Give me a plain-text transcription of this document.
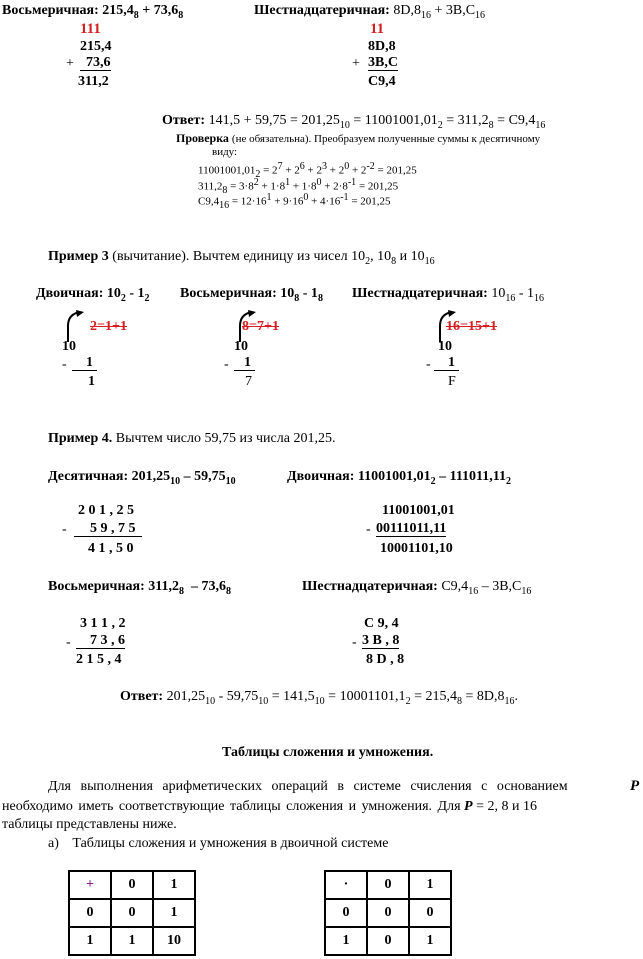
Восьмеричная: $215,4_8 + 73,6_8$	Шестнадцатеричная: $8D,8_{16} + 3B,C_{16}$
111
215,4
+ 73,6
311,2
11
8D,8
+ 3B,C
C9,4
Ответ: $141,5 + 59,75 = 201,25_{10} = 11001001,01_2 = 311,2_8 = C9,4_{16}$
Проверка (не обязательна). Преобразуем полученные суммы к десятичному
виду:
$11001001,01_2 = 2^7 + 2^6 + 2^3 + 2^0 + 2^{-2} = 201,25$
$311,2_8 = 3\cdot 8^2 + 1\cdot 8^1 + 1\cdot 8^0 + 2\cdot 8^{-1} = 201,25$
$C9,4_{16} = 12\cdot 16^1 + 9\cdot 16^0 + 4\cdot 16^{-1} = 201,25$
Пример 3 (вычитание). Вычтем единицу из чисел $10_2$, $10_8$ и $10_{16}$
Двоичная: $10_2 - 1_2$ Восьмеричная: $10_8 - 1_8$ Шестнадцатеричная: $10_{16} - 1_{16}$
2=1+1
10
-	1
1
8=7+1
10
-	1
7
16=15+1
10
-	1
F
Пример 4. Вычтем число 59,75 из числа 201,25.
Десятичная: $201,25_{10} - 59,75_{10}$	Двоичная: $11001001,01_2 - 111011,11_2$
2 0 1 , 2 5
-	5 9 , 7 5
4 1 , 5 0
11001001,01
- 00111011,11
10001101,10
Восьмеричная: $311,2_8 - 73,6_8$	Шестнадцатеричная: $C9,4_{16} - 3B,C_{16}$
3 1 1 , 2
-	7 3 , 6
2 1 5 , 4
C 9, 4
- 3 B , 8
8 D , 8
Ответ: $201,25_{10} - 59,75_{10} = 141,5_{10} = 10001101,1_2 = 215,4_8 = 8D,8_{16}$.
Таблицы сложения и умножения.
Для выполнения арифметических операций в системе счисления с основанием	P
необходимо иметь соответствующие таблицы сложения и умножения. Для P = 2, 8 и 16
таблицы представлены ниже.
а) Таблицы сложения и умножения в двоичной системе
+	0	1
0	0	1
1	1	10
·	0	1
0	0	0
1	0	1
